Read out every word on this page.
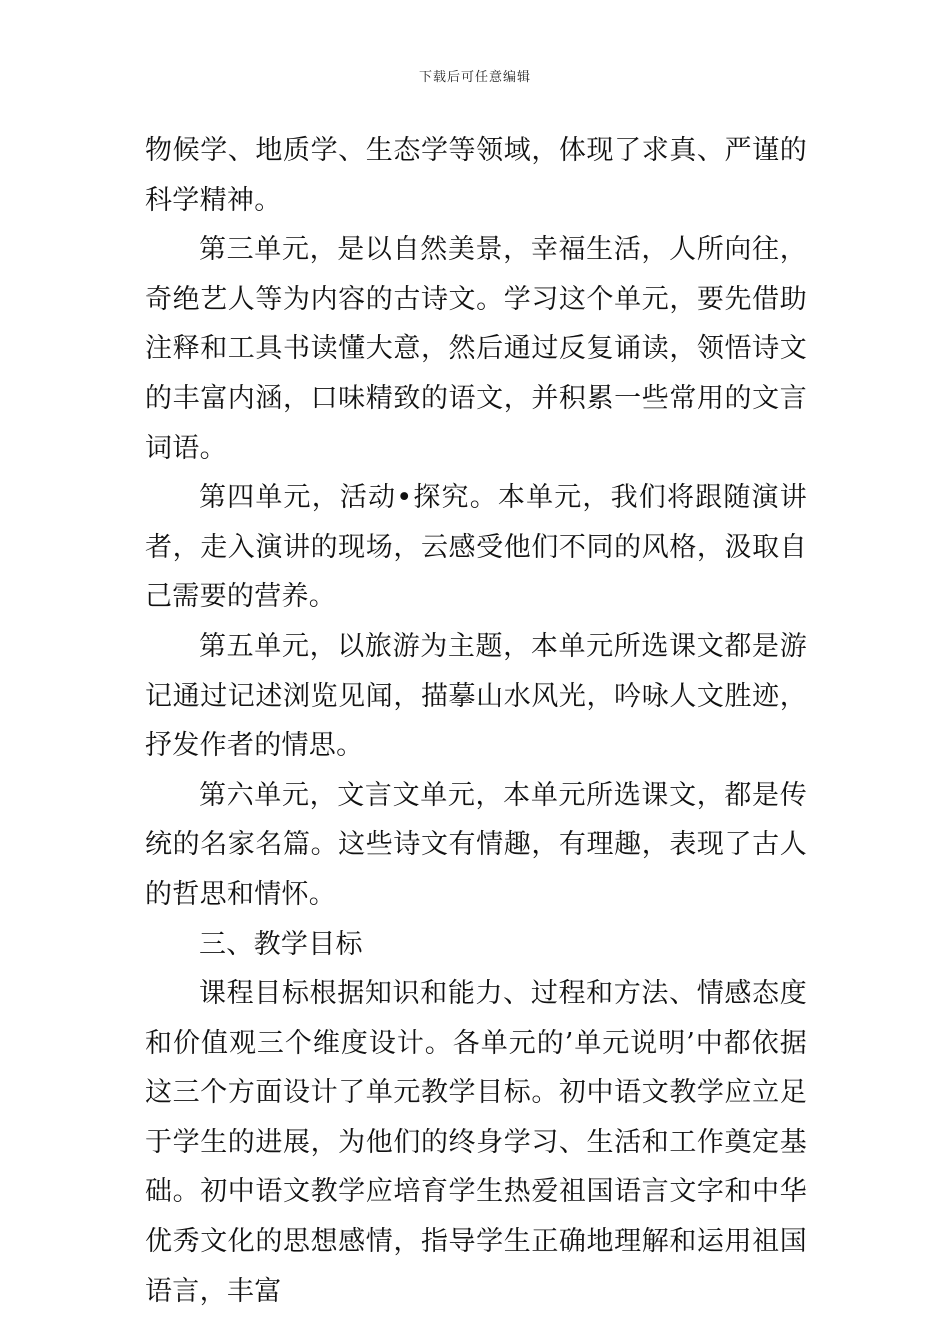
下载后可任意编辑

物候学、地质学、生态学等领域，体现了求真、严谨的科学精神。

第三单元，是以自然美景，幸福生活，人所向往，奇绝艺人等为内容的古诗文。学习这个单元，要先借助注释和工具书读懂大意，然后通过反复诵读，领悟诗文的丰富内涵，口味精致的语文，并积累一些常用的文言词语。

第四单元，活动•探究。本单元，我们将跟随演讲者，走入演讲的现场，云感受他们不同的风格，汲取自己需要的营养。

第五单元，以旅游为主题，本单元所选课文都是游记通过记述浏览见闻，描摹山水风光，吟咏人文胜迹，抒发作者的情思。

第六单元，文言文单元，本单元所选课文，都是传统的名家名篇。这些诗文有情趣，有理趣，表现了古人的哲思和情怀。

三、教学目标

课程目标根据知识和能力、过程和方法、情感态度和价值观三个维度设计。各单元的’单元说明’中都依据这三个方面设计了单元教学目标。初中语文教学应立足于学生的进展，为他们的终身学习、生活和工作奠定基础。初中语文教学应培育学生热爱祖国语言文字和中华优秀文化的思想感情，指导学生正确地理解和运用祖国语言，丰富
